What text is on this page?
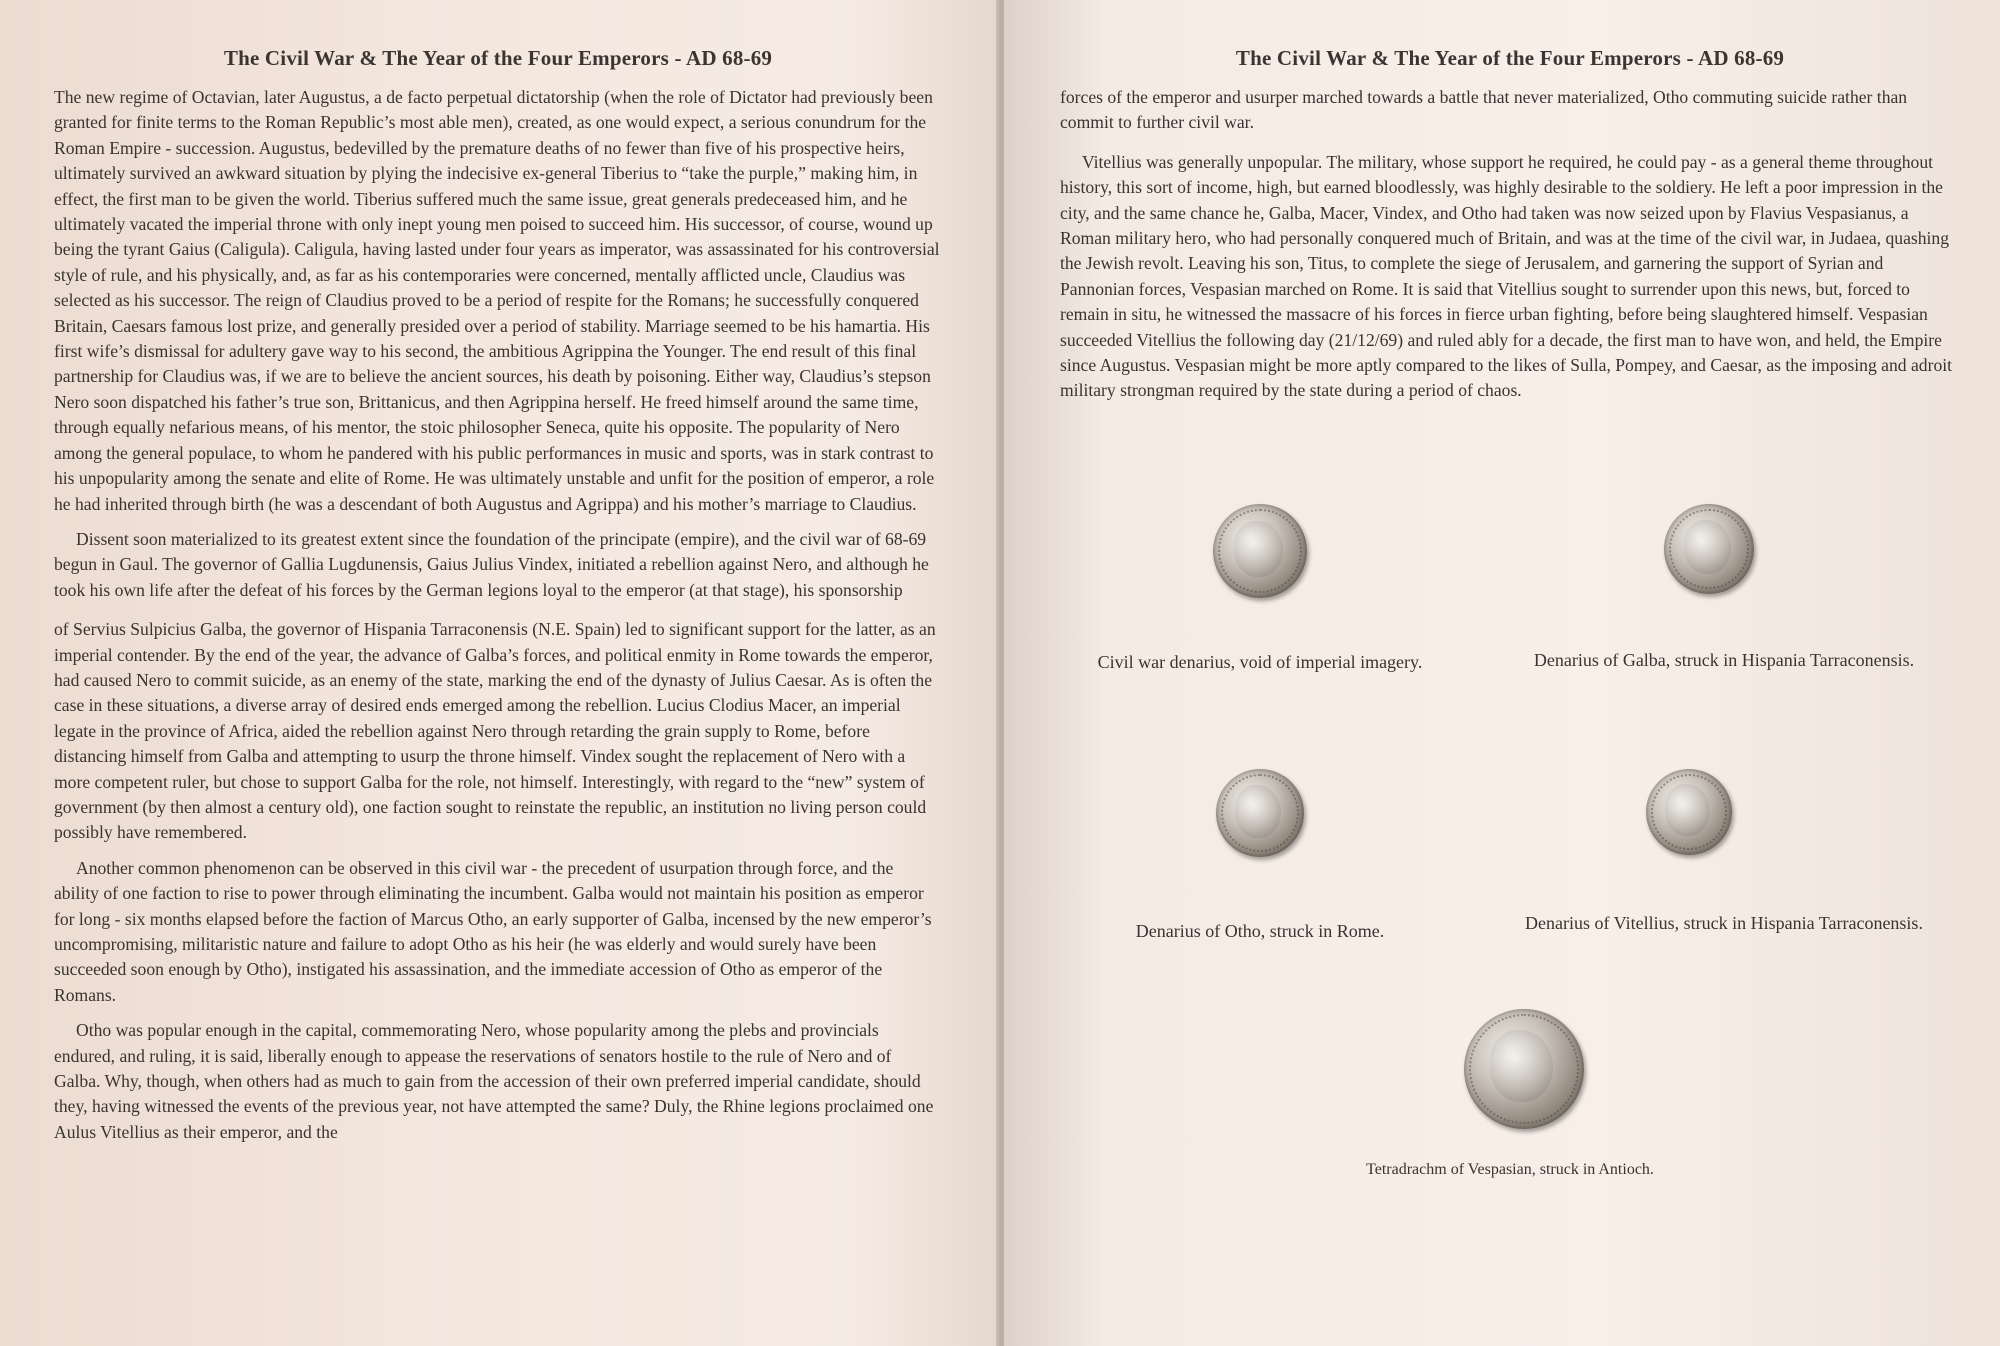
The Civil War & The Year of the Four Emperors - AD 68-69

The new regime of Octavian, later Augustus, a de facto perpetual dictatorship (when the role of Dictator had previously been granted for finite terms to the Roman Republic’s most able men), created, as one would expect, a serious conundrum for the Roman Empire - succession. Augustus, bedevilled by the premature deaths of no fewer than five of his prospective heirs, ultimately survived an awkward situation by plying the indecisive ex-general Tiberius to “take the purple,” making him, in effect, the first man to be given the world. Tiberius suffered much the same issue, great generals predeceased him, and he ultimately vacated the imperial throne with only inept young men poised to succeed him. His successor, of course, wound up being the tyrant Gaius (Caligula). Caligula, having lasted under four years as imperator, was assassinated for his controversial style of rule, and his physically, and, as far as his contemporaries were concerned, mentally afflicted uncle, Claudius was selected as his successor. The reign of Claudius proved to be a period of respite for the Romans; he successfully conquered Britain, Caesars famous lost prize, and generally presided over a period of stability. Marriage seemed to be his hamartia. His first wife’s dismissal for adultery gave way to his second, the ambitious Agrippina the Younger. The end result of this final partnership for Claudius was, if we are to believe the ancient sources, his death by poisoning. Either way, Claudius’s stepson Nero soon dispatched his father’s true son, Brittanicus, and then Agrippina herself. He freed himself around the same time, through equally nefarious means, of his mentor, the stoic philosopher Seneca, quite his opposite. The popularity of Nero among the general populace, to whom he pandered with his public performances in music and sports, was in stark contrast to his unpopularity among the senate and elite of Rome. He was ultimately unstable and unfit for the position of emperor, a role he had inherited through birth (he was a descendant of both Augustus and Agrippa) and his mother’s marriage to Claudius.

Dissent soon materialized to its greatest extent since the foundation of the principate (empire), and the civil war of 68-69 begun in Gaul. The governor of Gallia Lugdunensis, Gaius Julius Vindex, initiated a rebellion against Nero, and although he took his own life after the defeat of his forces by the German legions loyal to the emperor (at that stage), his sponsorship

of Servius Sulpicius Galba, the governor of Hispania Tarraconensis (N.E. Spain) led to significant support for the latter, as an imperial contender. By the end of the year, the advance of Galba’s forces, and political enmity in Rome towards the emperor, had caused Nero to commit suicide, as an enemy of the state, marking the end of the dynasty of Julius Caesar. As is often the case in these situations, a diverse array of desired ends emerged among the rebellion. Lucius Clodius Macer, an imperial legate in the province of Africa, aided the rebellion against Nero through retarding the grain supply to Rome, before distancing himself from Galba and attempting to usurp the throne himself. Vindex sought the replacement of Nero with a more competent ruler, but chose to support Galba for the role, not himself. Interestingly, with regard to the “new” system of government (by then almost a century old), one faction sought to reinstate the republic, an institution no living person could possibly have remembered.

Another common phenomenon can be observed in this civil war - the precedent of usurpation through force, and the ability of one faction to rise to power through eliminating the incumbent. Galba would not maintain his position as emperor for long - six months elapsed before the faction of Marcus Otho, an early supporter of Galba, incensed by the new emperor’s uncompromising, militaristic nature and failure to adopt Otho as his heir (he was elderly and would surely have been succeeded soon enough by Otho), instigated his assassination, and the immediate accession of Otho as emperor of the Romans.

Otho was popular enough in the capital, commemorating Nero, whose popularity among the plebs and provincials endured, and ruling, it is said, liberally enough to appease the reservations of senators hostile to the rule of Nero and of Galba. Why, though, when others had as much to gain from the accession of their own preferred imperial candidate, should they, having witnessed the events of the previous year, not have attempted the same? Duly, the Rhine legions proclaimed one Aulus Vitellius as their emperor, and the

The Civil War & The Year of the Four Emperors - AD 68-69

forces of the emperor and usurper marched towards a battle that never materialized, Otho commuting suicide rather than commit to further civil war.

Vitellius was generally unpopular. The military, whose support he required, he could pay - as a general theme throughout history, this sort of income, high, but earned bloodlessly, was highly desirable to the soldiery. He left a poor impression in the city, and the same chance he, Galba, Macer, Vindex, and Otho had taken was now seized upon by Flavius Vespasianus, a Roman military hero, who had personally conquered much of Britain, and was at the time of the civil war, in Judaea, quashing the Jewish revolt. Leaving his son, Titus, to complete the siege of Jerusalem, and garnering the support of Syrian and Pannonian forces, Vespasian marched on Rome. It is said that Vitellius sought to surrender upon this news, but, forced to remain in situ, he witnessed the massacre of his forces in fierce urban fighting, before being slaughtered himself. Vespasian succeeded Vitellius the following day (21/12/69) and ruled ably for a decade, the first man to have won, and held, the Empire since Augustus. Vespasian might be more aptly compared to the likes of Sulla, Pompey, and Caesar, as the imposing and adroit military strongman required by the state during a period of chaos.

Civil war denarius, void of imperial imagery.	Denarius of Galba, struck in Hispania Tarraconensis.
Denarius of Otho, struck in Rome.	Denarius of Vitellius, struck in Hispania Tarraconensis.
Tetradrachm of Vespasian, struck in Antioch.
